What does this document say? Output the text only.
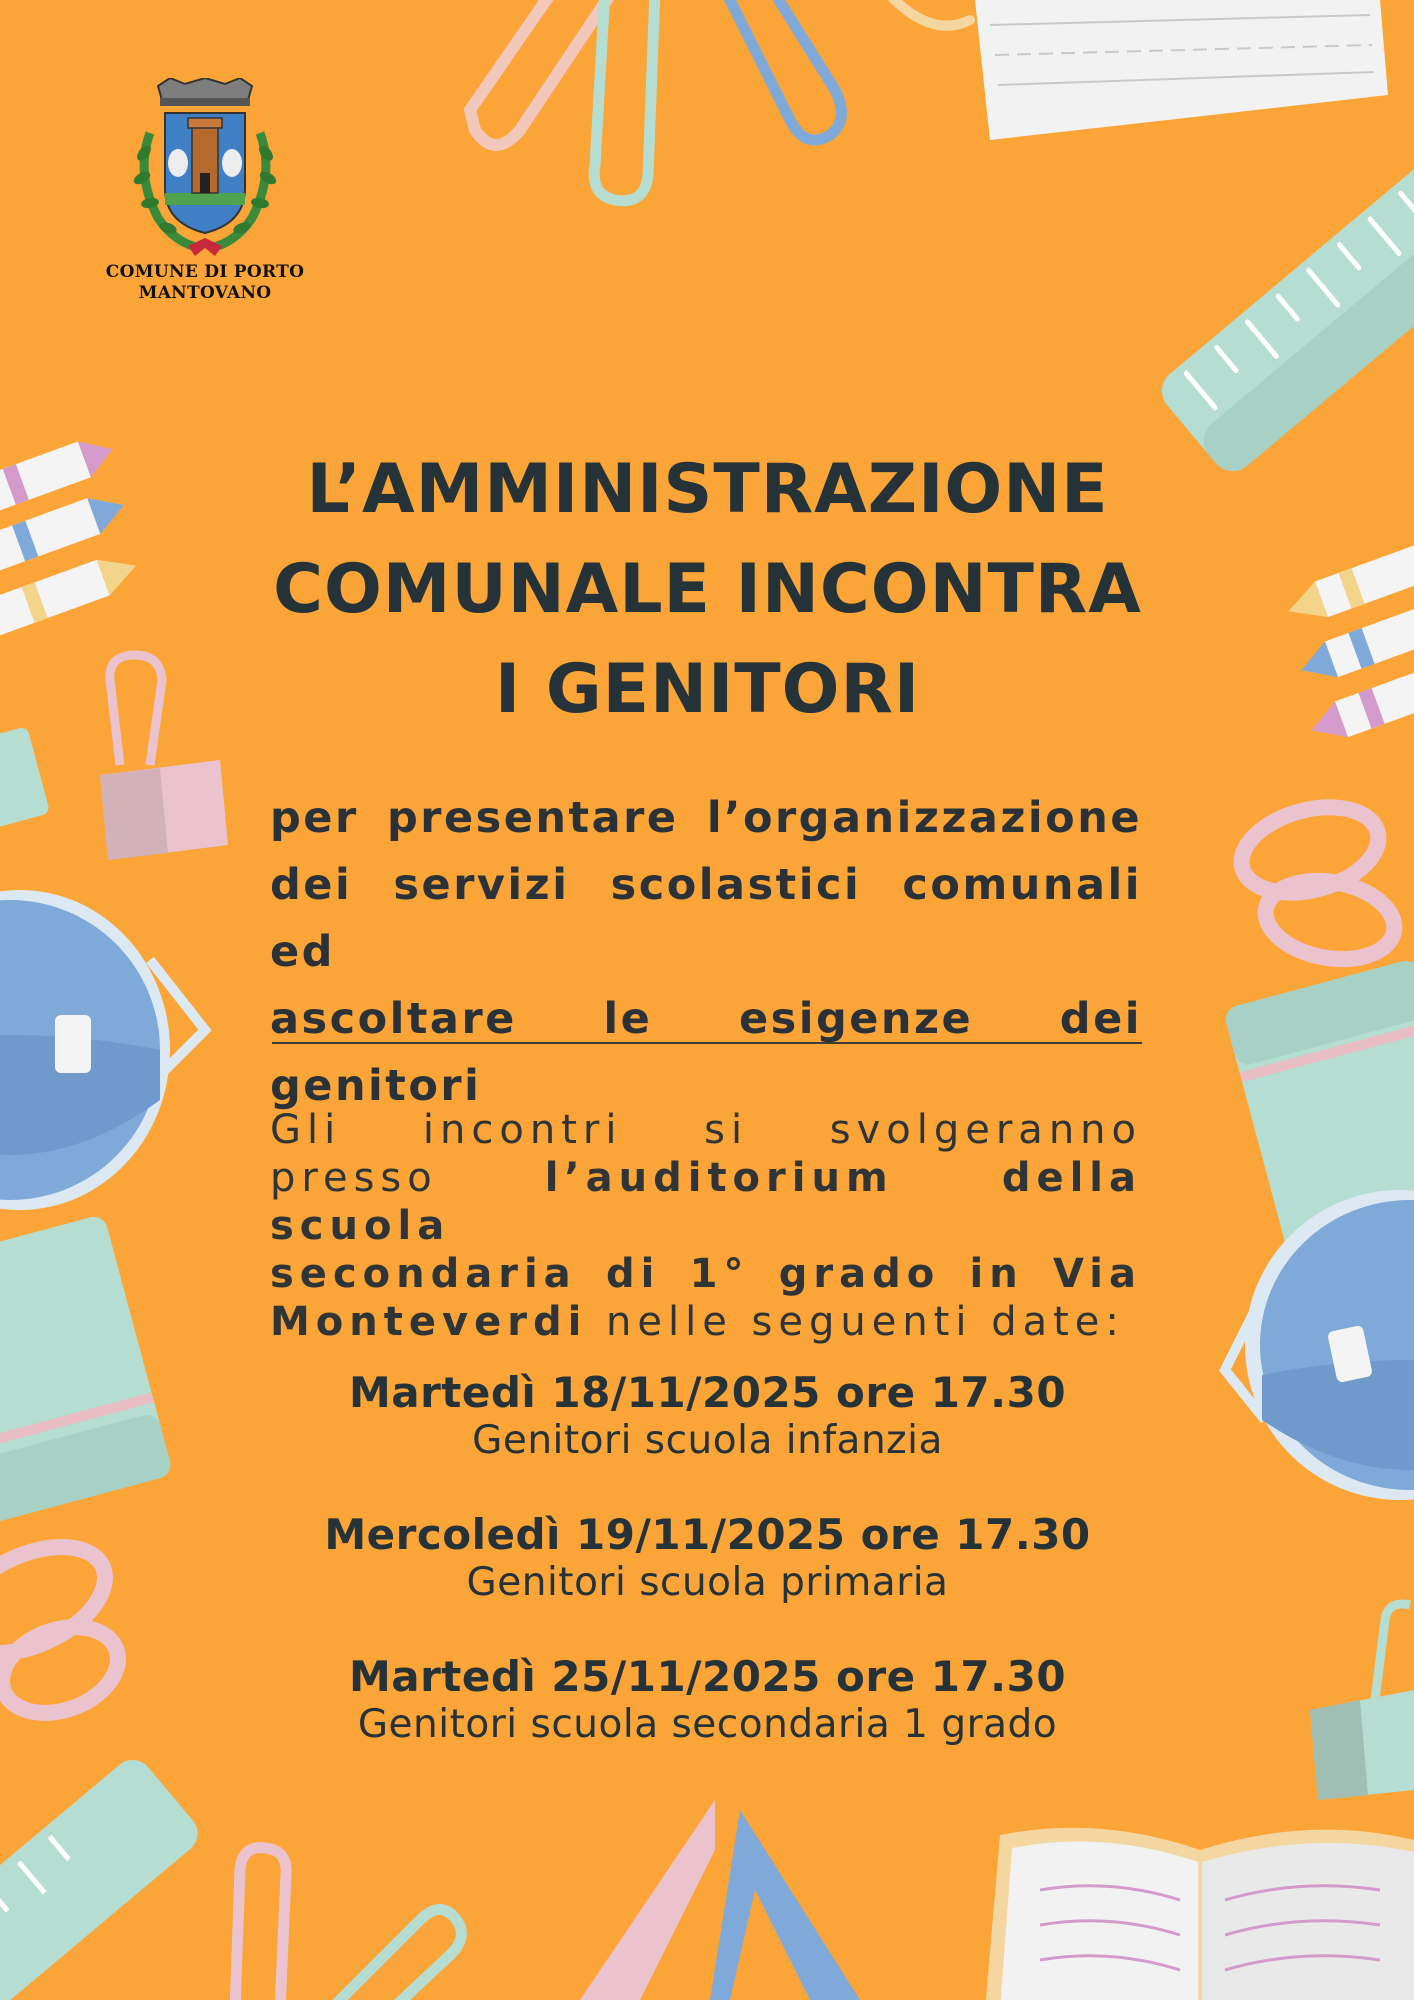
COMUNE DI PORTO
MANTOVANO
L’AMMINISTRAZIONE
COMUNALE INCONTRA
I GENITORI
per presentare l’organizzazione
dei servizi scolastici comunali ed
ascoltare le esigenze dei genitori
Gli incontri si svolgeranno
presso l’auditorium della scuola
secondaria di 1° grado in Via
Monteverdi nelle seguenti date:
Martedì 18/11/2025 ore 17.30
Genitori scuola infanzia
Mercoledì 19/11/2025 ore 17.30
Genitori scuola primaria
Martedì 25/11/2025 ore 17.30
Genitori scuola secondaria 1 grado
